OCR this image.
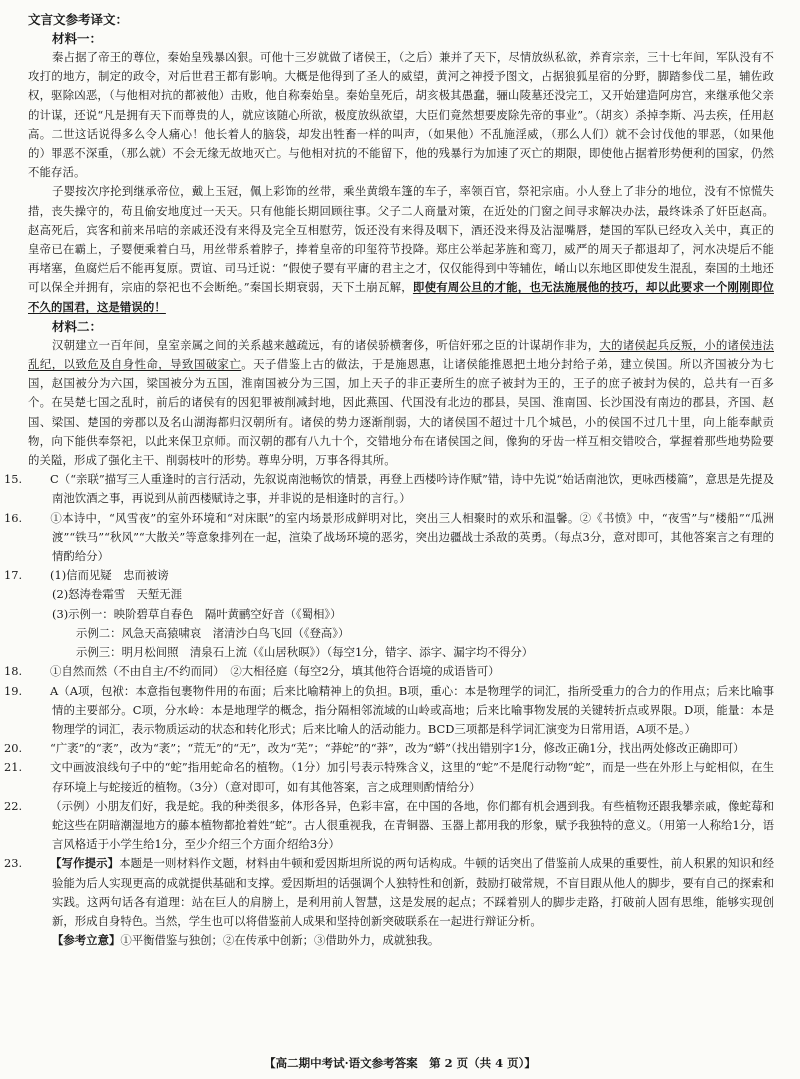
文言文参考译文：

材料一：

秦占据了帝王的尊位，秦始皇残暴凶狠。可他十三岁就做了诸侯王，（之后）兼并了天下，尽情放纵私欲，养育宗亲，三十七年间，军队没有不攻打的地方，制定的政令，对后世君王都有影响。大概是他得到了圣人的威望，黄河之神授予图文，占据狼狐星宿的分野，脚踏参伐二星，辅佐政权，驱除凶恶，（与他相对抗的都被他）击败，他自称秦始皇。秦始皇死后，胡亥极其愚蠢，骊山陵墓还没完工，又开始建造阿房宫，来继承他父亲的计谋，还说“凡是拥有天下而尊贵的人，就应该随心所欲，极度放纵欲望，大臣们竟然想要废除先帝的事业”。（胡亥）杀掉李斯、冯去疾，任用赵高。二世这话说得多么令人痛心！他长着人的脑袋，却发出牲畜一样的叫声，（如果他）不乱施淫威，（那么人们）就不会讨伐他的罪恶，（如果他的）罪恶不深重，（那么就）不会无缘无故地灭亡。与他相对抗的不能留下，他的残暴行为加速了灭亡的期限，即使他占据着形势便利的国家，仍然不能存活。

子婴按次序抡到继承帝位，戴上玉冠，佩上彩饰的丝带，乘坐黄缎车篷的车子，率领百官，祭祀宗庙。小人登上了非分的地位，没有不惊慌失措，丧失操守的，苟且偷安地度过一天天。只有他能长期回顾往事。父子二人商量对策，在近处的门窗之间寻求解决办法，最终诛杀了奸臣赵高。赵高死后，宾客和前来吊唁的亲戚还没有来得及完全互相慰劳，饭还没有来得及咽下，酒还没来得及沾湿嘴唇，楚国的军队已经攻入关中，真正的皇帝已在霸上，子婴便乘着白马，用丝带系着脖子，捧着皇帝的印玺符节投降。郑庄公举起茅旌和鸾刀，威严的周天子都退却了，河水决堤后不能再堵塞，鱼腐烂后不能再复原。贾谊、司马迁说：“假使子婴有平庸的君主之才，仅仅能得到中等辅佐，崤山以东地区即使发生混乱，秦国的土地还可以保全并拥有，宗庙的祭祀也不会断绝。”秦国长期衰弱，天下土崩瓦解，即使有周公旦的才能，也无法施展他的技巧，却以此要求一个刚刚即位不久的国君，这是错误的！

材料二：

汉朝建立一百年间，皇室亲属之间的关系越来越疏远，有的诸侯骄横奢侈，听信奸邪之臣的计谋胡作非为，大的诸侯起兵反叛，小的诸侯违法乱纪，以致危及自身性命，导致国破家亡。天子借鉴上古的做法，于是施恩惠，让诸侯能推恩把土地分封给子弟，建立侯国。所以齐国被分为七国，赵国被分为六国，梁国被分为五国，淮南国被分为三国，加上天子的非正妻所生的庶子被封为王的，王子的庶子被封为侯的，总共有一百多个。在吴楚七国之乱时，前后的诸侯有的因犯罪被削减封地，因此燕国、代国没有北边的郡县，吴国、淮南国、长沙国没有南边的郡县，齐国、赵国、梁国、楚国的旁郡以及名山湖海都归汉朝所有。诸侯的势力逐渐削弱，大的诸侯国不超过十几个城邑，小的侯国不过几十里，向上能奉献贡物，向下能供奉祭祀，以此来保卫京师。而汉朝的郡有八九十个，交错地分布在诸侯国之间，像狗的牙齿一样互相交错咬合，掌握着那些地势险要的关隘，形成了强化主干、削弱枝叶的形势。尊卑分明，万事各得其所。

15. C（“亲联”描写三人重逢时的言行活动，先叙说南池畅饮的情景，再登上西楼吟诗作赋”错，诗中先说“始话南池饮，更咏西楼篇”，意思是先提及南池饮酒之事，再说到从前西楼赋诗之事，并非说的是相逢时的言行。）

16. ①本诗中，“风雪夜”的室外环境和“对床眠”的室内场景形成鲜明对比，突出三人相聚时的欢乐和温馨。②《书愤》中，“夜雪”与“楼船”“瓜洲渡”“铁马”“秋风”“大散关”等意象排列在一起，渲染了战场环境的恶劣，突出边疆战士杀敌的英勇。（每点3分，意对即可，其他答案言之有理的情酌给分）

17. (1)信而见疑　忠而被谤

(2)怒涛卷霜雪　天堑无涯

(3)示例一：映阶碧草自春色　隔叶黄鹂空好音（《蜀相》）

示例二：风急天高猿啸哀　渚清沙白鸟飞回（《登高》）

示例三：明月松间照　清泉石上流（《山居秋暝》）（每空1分，错字、添字、漏字均不得分）

18. ①自然而然（不由自主/不约而同）　②大相径庭（每空2分，填其他符合语境的成语皆可）

19. A（A项，包袱：本意指包裹物件用的布面；后来比喻精神上的负担。B项，重心：本是物理学的词汇，指所受重力的合力的作用点；后来比喻事情的主要部分。C项，分水岭：本是地理学的概念，指分隔相邻流域的山岭或高地；后来比喻事物发展的关键转折点或界限。D项，能量：本是物理学的词汇，表示物质运动的状态和转化形式；后来比喻人的活动能力。BCD三项都是科学词汇演变为日常用语，A项不是。）

20. “广袤”的“袤”，改为“袤”；“荒无”的“无”，改为“芜”；“莽蛇”的“莽”，改为“蟒”（找出错别字1分，修改正确1分，找出两处修改正确即可）

21. 文中画波浪线句子中的“蛇”指用蛇命名的植物。（1分）加引号表示特殊含义，这里的“蛇”不是爬行动物“蛇”，而是一些在外形上与蛇相似，在生存环境上与蛇接近的植物。（3分）（意对即可，如有其他答案，言之成理则酌情给分）

22. （示例）小朋友们好，我是蛇。我的种类很多，体形各异，色彩丰富，在中国的各地，你们都有机会遇到我。有些植物还跟我攀亲戚，像蛇莓和蛇这些在阴暗潮湿地方的藤本植物都抢着姓“蛇”。古人很重视我，在青铜器、玉器上都用我的形象，赋予我独特的意义。（用第一人称给1分，语言风格适于小学生给1分，至少介绍三个方面介绍给3分）

23. 【写作提示】本题是一则材料作文题，材料由牛顿和爱因斯坦所说的两句话构成。牛顿的话突出了借鉴前人成果的重要性，前人积累的知识和经验能为后人实现更高的成就提供基础和支撑。爱因斯坦的话强调个人独特性和创新，鼓励打破常规，不盲目跟从他人的脚步，要有自己的探索和实践。这两句话各有道理：站在巨人的肩膀上，是利用前人智慧，这是发展的起点；不踩着别人的脚步走路，打破前人固有思维，能够实现创新，形成自身特色。当然，学生也可以将借鉴前人成果和坚持创新突破联系在一起进行辩证分析。

【参考立意】①平衡借鉴与独创；②在传承中创新；③借助外力，成就独我。

【高二期中考试·语文参考答案　第 2 页（共 4 页）】
